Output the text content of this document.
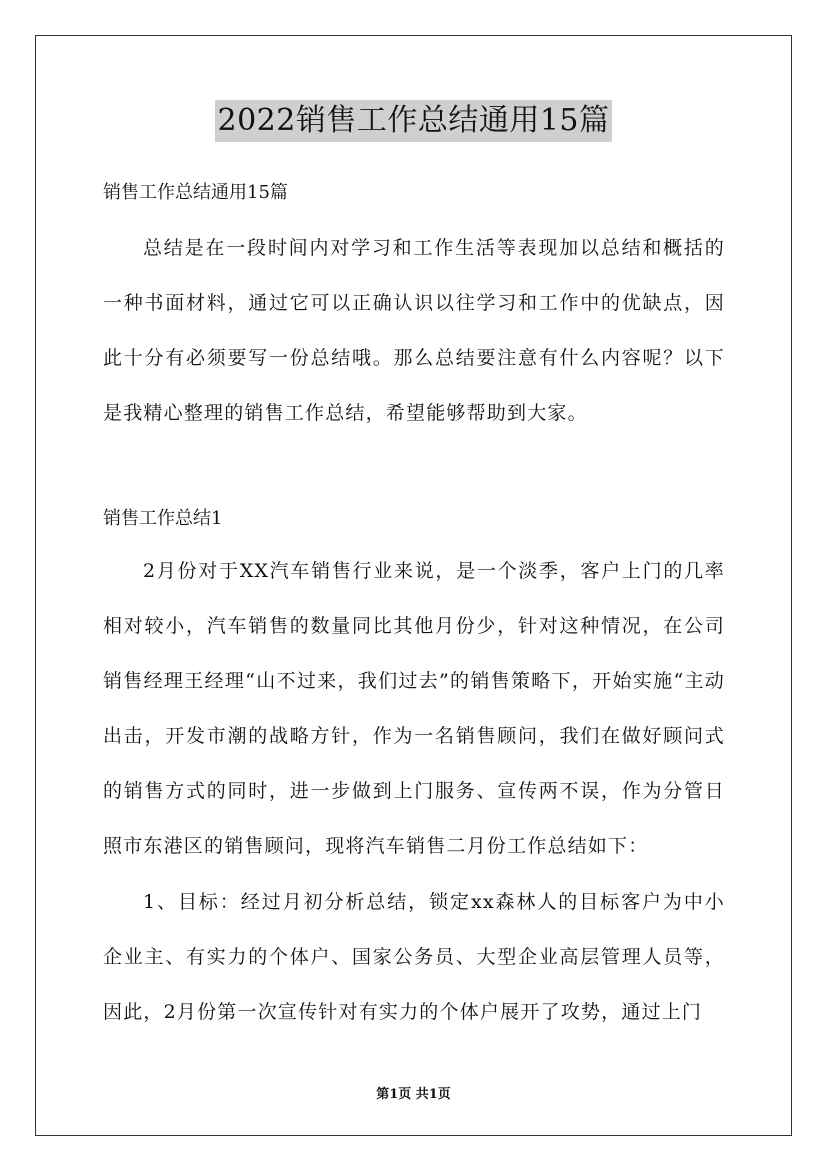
2022销售工作总结通用15篇
销售工作总结通用15篇

总结是在一段时间内对学习和工作生活等表现加以总结和概括的一种书面材料，通过它可以正确认识以往学习和工作中的优缺点，因此十分有必须要写一份总结哦。那么总结要注意有什么内容呢？以下是我精心整理的销售工作总结，希望能够帮助到大家。

销售工作总结1

2月份对于XX汽车销售行业来说，是一个淡季，客户上门的几率相对较小，汽车销售的数量同比其他月份少，针对这种情况，在公司销售经理王经理“山不过来，我们过去”的销售策略下，开始实施“主动出击，开发市潮的战略方针，作为一名销售顾问，我们在做好顾问式的销售方式的同时，进一步做到上门服务、宣传两不误，作为分管日照市东港区的销售顾问，现将汽车销售二月份工作总结如下：

1、目标：经过月初分析总结，锁定xx森林人的目标客户为中小企业主、有实力的个体户、国家公务员、大型企业高层管理人员等，因此，2月份第一次宣传针对有实力的个体户展开了攻势，通过上门

第1页 共1页
